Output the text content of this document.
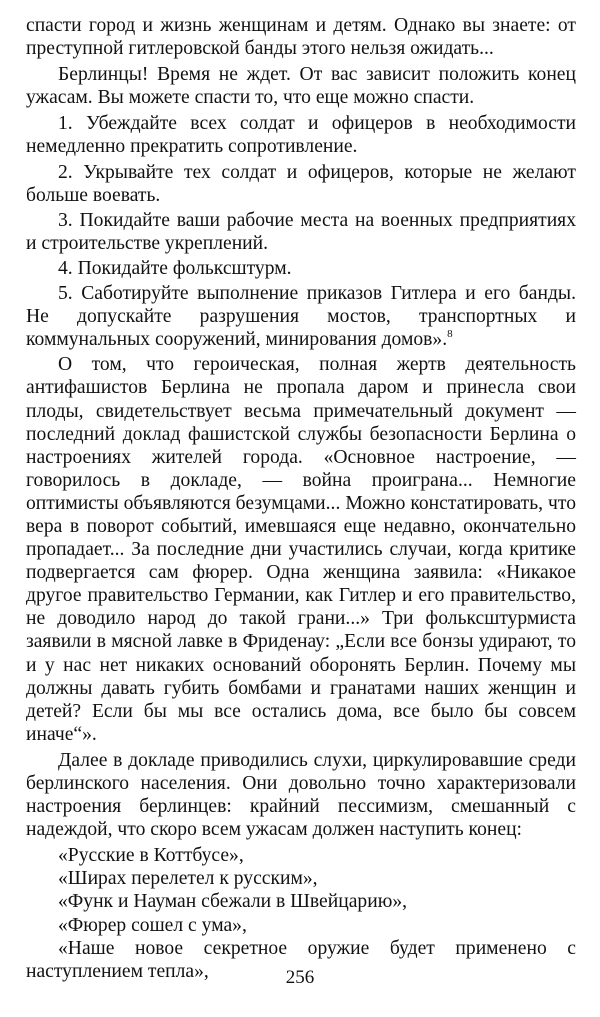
спасти город и жизнь женщинам и детям. Однако вы знаете: от преступной гитлеровской банды этого нельзя ожидать...

Берлинцы! Время не ждет. От вас зависит положить конец ужасам. Вы можете спасти то, что еще можно спасти.

1. Убеждайте всех солдат и офицеров в необходимости немедленно прекратить сопротивление.

2. Укрывайте тех солдат и офицеров, которые не желают больше воевать.

3. Покидайте ваши рабочие места на военных предприятиях и строительстве укреплений.

4. Покидайте фольксштурм.

5. Саботируйте выполнение приказов Гитлера и его банды. Не допускайте разрушения мостов, транспортных и коммунальных сооружений, минирования домов».$^8$

О том, что героическая, полная жертв деятельность антифашистов Берлина не пропала даром и принесла свои плоды, свидетельствует весьма примечательный документ — последний доклад фашистской службы безопасности Берлина о настроениях жителей города. «Основное настроение, — говорилось в докладе, — война проиграна... Немногие оптимисты объявляются безумцами... Можно констатировать, что вера в поворот событий, имевшаяся еще недавно, окончательно пропадает... За последние дни участились случаи, когда критике подвергается сам фюрер. Одна женщина заявила: «Никакое другое правительство Германии, как Гитлер и его правительство, не доводило народ до такой грани...» Три фольксштурмиста заявили в мясной лавке в Фриденау: „Если все бонзы удирают, то и у нас нет никаких оснований оборонять Берлин. Почему мы должны давать губить бомбами и гранатами наших женщин и детей? Если бы мы все остались дома, все было бы совсем иначе“».

Далее в докладе приводились слухи, циркулировавшие среди берлинского населения. Они довольно точно характеризовали настроения берлинцев: крайний пессимизм, смешанный с надеждой, что скоро всем ужасам должен наступить конец:

«Русские в Коттбусе»,

«Ширах перелетел к русским»,

«Функ и Науман сбежали в Швейцарию»,

«Фюрер сошел с ума»,

«Наше новое секретное оружие будет применено с наступлением тепла»,	256
